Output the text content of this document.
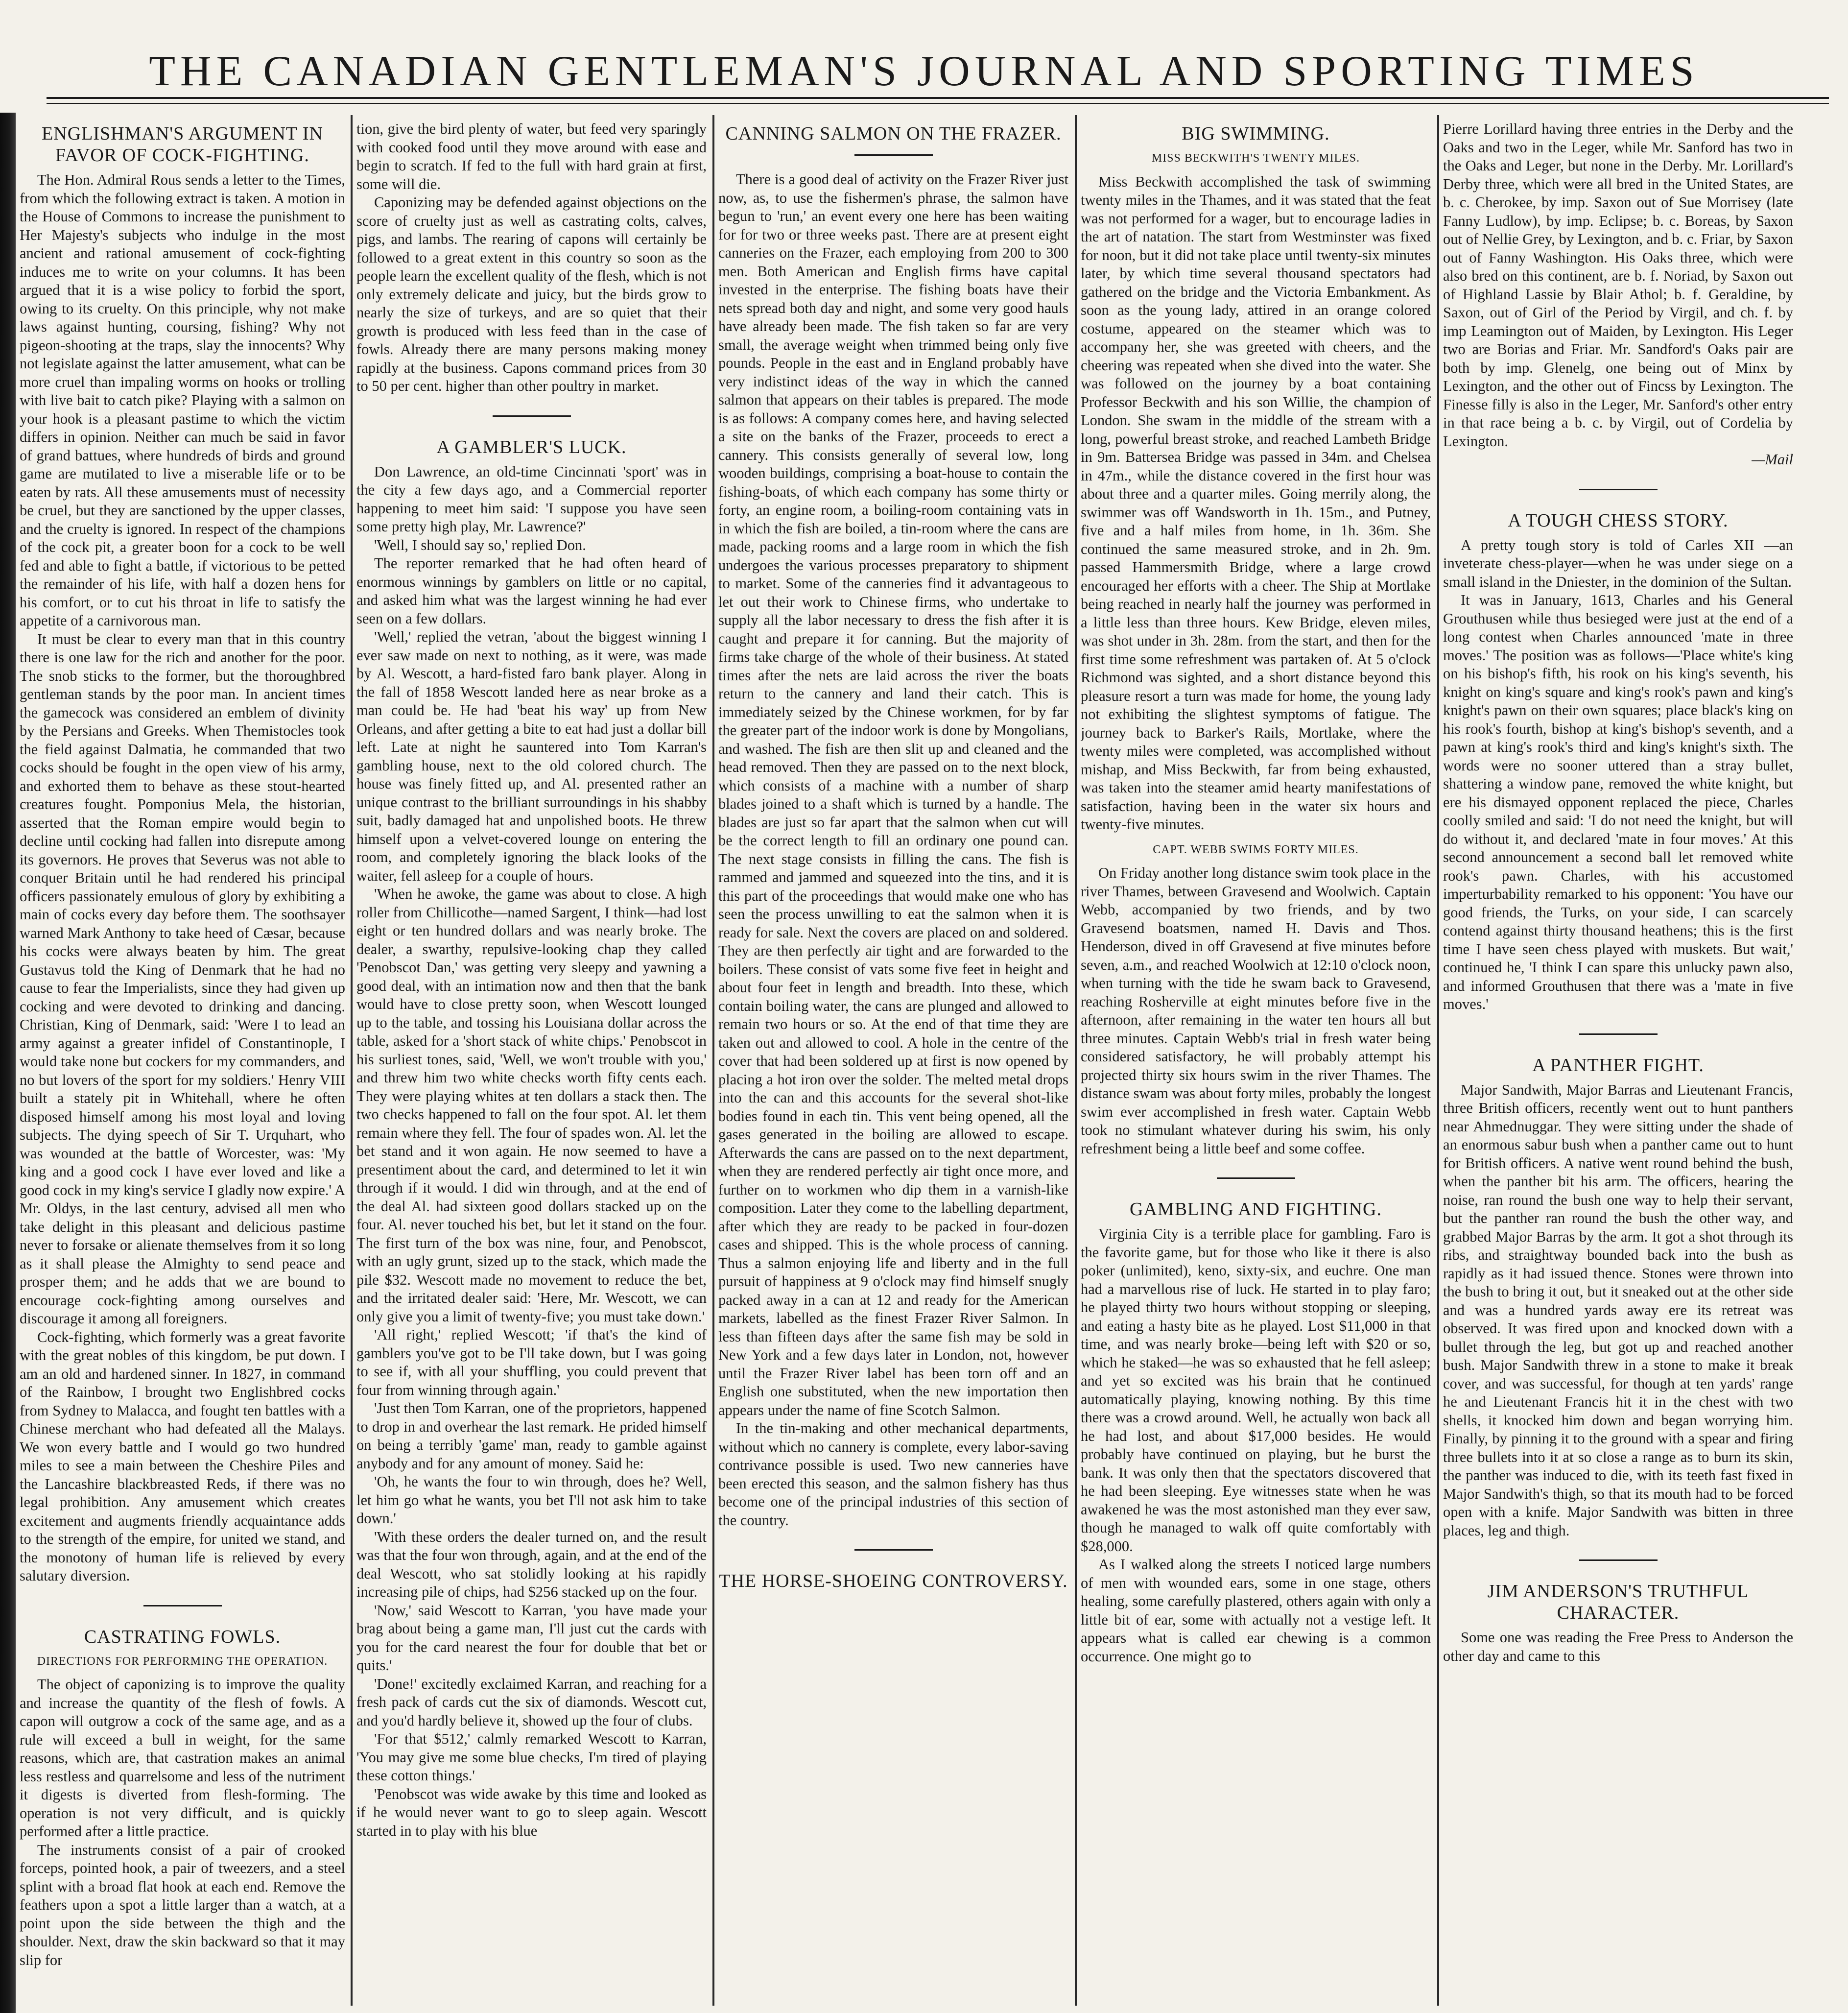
THE CANADIAN GENTLEMAN'S JOURNAL AND SPORTING TIMES
ENGLISHMAN'S ARGUMENT IN FAVOR OF COCK-FIGHTING.

The Hon. Admiral Rous sends a letter to the Times, from which the following extract is taken. A motion in the House of Commons to increase the punishment to Her Majesty's subjects who indulge in the most ancient and rational amusement of cock-fighting induces me to write on your columns. It has been argued that it is a wise policy to forbid the sport, owing to its cruelty. On this principle, why not make laws against hunting, coursing, fishing? Why not pigeon-shooting at the traps, slay the innocents? Why not legislate against the latter amusement, what can be more cruel than impaling worms on hooks or trolling with live bait to catch pike? Playing with a salmon on your hook is a pleasant pastime to which the victim differs in opinion. Neither can much be said in favor of grand battues, where hundreds of birds and ground game are mutilated to live a miserable life or to be eaten by rats. All these amusements must of necessity be cruel, but they are sanctioned by the upper classes, and the cruelty is ignored. In respect of the champions of the cock pit, a greater boon for a cock to be well fed and able to fight a battle, if victorious to be petted the remainder of his life, with half a dozen hens for his comfort, or to cut his throat in life to satisfy the appetite of a carnivorous man.

It must be clear to every man that in this country there is one law for the rich and another for the poor. The snob sticks to the former, but the thoroughbred gentleman stands by the poor man. In ancient times the gamecock was considered an emblem of divinity by the Persians and Greeks. When Themistocles took the field against Dalmatia, he commanded that two cocks should be fought in the open view of his army, and exhorted them to behave as these stout-hearted creatures fought. Pomponius Mela, the historian, asserted that the Roman empire would begin to decline until cocking had fallen into disrepute among its governors. He proves that Severus was not able to conquer Britain until he had rendered his principal officers passionately emulous of glory by exhibiting a main of cocks every day before them. The soothsayer warned Mark Anthony to take heed of Cæsar, because his cocks were always beaten by him. The great Gustavus told the King of Denmark that he had no cause to fear the Imperialists, since they had given up cocking and were devoted to drinking and dancing. Christian, King of Denmark, said: 'Were I to lead an army against a greater infidel of Constantinople, I would take none but cockers for my commanders, and no but lovers of the sport for my soldiers.' Henry VIII built a stately pit in Whitehall, where he often disposed himself among his most loyal and loving subjects. The dying speech of Sir T. Urquhart, who was wounded at the battle of Worcester, was: 'My king and a good cock I have ever loved and like a good cock in my king's service I gladly now expire.' A Mr. Oldys, in the last century, advised all men who take delight in this pleasant and delicious pastime never to forsake or alienate themselves from it so long as it shall please the Almighty to send peace and prosper them; and he adds that we are bound to encourage cock-fighting among ourselves and discourage it among all foreigners.

Cock-fighting, which formerly was a great favorite with the great nobles of this kingdom, be put down. I am an old and hardened sinner. In 1827, in command of the Rainbow, I brought two Englishbred cocks from Sydney to Malacca, and fought ten battles with a Chinese merchant who had defeated all the Malays. We won every battle and I would go two hundred miles to see a main between the Cheshire Piles and the Lancashire blackbreasted Reds, if there was no legal prohibition. Any amusement which creates excitement and augments friendly acquaintance adds to the strength of the empire, for united we stand, and the monotony of human life is relieved by every salutary diversion.

CASTRATING FOWLS.
DIRECTIONS FOR PERFORMING THE OPERATION.

The object of caponizing is to improve the quality and increase the quantity of the flesh of fowls. A capon will outgrow a cock of the same age, and as a rule will exceed a bull in weight, for the same reasons, which are, that castration makes an animal less restless and quarrelsome and less of the nutriment it digests is diverted from flesh-forming. The operation is not very difficult, and is quickly performed after a little practice.

The instruments consist of a pair of crooked forceps, pointed hook, a pair of tweezers, and a steel splint with a broad flat hook at each end. Remove the feathers upon a spot a little larger than a watch, at a point upon the side between the thigh and the shoulder. Next, draw the skin backward so that it may slip for

tion, give the bird plenty of water, but feed very sparingly with cooked food until they move around with ease and begin to scratch. If fed to the full with hard grain at first, some will die.

Caponizing may be defended against objections on the score of cruelty just as well as castrating colts, calves, pigs, and lambs. The rearing of capons will certainly be followed to a great extent in this country so soon as the people learn the excellent quality of the flesh, which is not only extremely delicate and juicy, but the birds grow to nearly the size of turkeys, and are so quiet that their growth is produced with less feed than in the case of fowls. Already there are many persons making money rapidly at the business. Capons command prices from 30 to 50 per cent. higher than other poultry in market.

A GAMBLER'S LUCK.

Don Lawrence, an old-time Cincinnati 'sport' was in the city a few days ago, and a Commercial reporter happening to meet him said: 'I suppose you have seen some pretty high play, Mr. Lawrence?'

'Well, I should say so,' replied Don.

The reporter remarked that he had often heard of enormous winnings by gamblers on little or no capital, and asked him what was the largest winning he had ever seen on a few dollars.

'Well,' replied the vetran, 'about the biggest winning I ever saw made on next to nothing, as it were, was made by Al. Wescott, a hard-fisted faro bank player. Along in the fall of 1858 Wescott landed here as near broke as a man could be. He had 'beat his way' up from New Orleans, and after getting a bite to eat had just a dollar bill left. Late at night he sauntered into Tom Karran's gambling house, next to the old colored church. The house was finely fitted up, and Al. presented rather an unique contrast to the brilliant surroundings in his shabby suit, badly damaged hat and unpolished boots. He threw himself upon a velvet-covered lounge on entering the room, and completely ignoring the black looks of the waiter, fell asleep for a couple of hours.

'When he awoke, the game was about to close. A high roller from Chillicothe—named Sargent, I think—had lost eight or ten hundred dollars and was nearly broke. The dealer, a swarthy, repulsive-looking chap they called 'Penobscot Dan,' was getting very sleepy and yawning a good deal, with an intimation now and then that the bank would have to close pretty soon, when Wescott lounged up to the table, and tossing his Louisiana dollar across the table, asked for a 'short stack of white chips.' Penobscot in his surliest tones, said, 'Well, we won't trouble with you,' and threw him two white checks worth fifty cents each. They were playing whites at ten dollars a stack then. The two checks happened to fall on the four spot. Al. let them remain where they fell. The four of spades won. Al. let the bet stand and it won again. He now seemed to have a presentiment about the card, and determined to let it win through if it would. I did win through, and at the end of the deal Al. had sixteen good dollars stacked up on the four. Al. never touched his bet, but let it stand on the four. The first turn of the box was nine, four, and Penobscot, with an ugly grunt, sized up to the stack, which made the pile $32. Wescott made no movement to reduce the bet, and the irritated dealer said: 'Here, Mr. Wescott, we can only give you a limit of twenty-five; you must take down.'

'All right,' replied Wescott; 'if that's the kind of gamblers you've got to be I'll take down, but I was going to see if, with all your shuffling, you could prevent that four from winning through again.'

'Just then Tom Karran, one of the proprietors, happened to drop in and overhear the last remark. He prided himself on being a terribly 'game' man, ready to gamble against anybody and for any amount of money. Said he:

'Oh, he wants the four to win through, does he? Well, let him go what he wants, you bet I'll not ask him to take down.'

'With these orders the dealer turned on, and the result was that the four won through, again, and at the end of the deal Wescott, who sat stolidly looking at his rapidly increasing pile of chips, had $256 stacked up on the four.

'Now,' said Wescott to Karran, 'you have made your brag about being a game man, I'll just cut the cards with you for the card nearest the four for double that bet or quits.'

'Done!' excitedly exclaimed Karran, and reaching for a fresh pack of cards cut the six of diamonds. Wescott cut, and you'd hardly believe it, showed up the four of clubs.

'For that $512,' calmly remarked Wescott to Karran, 'You may give me some blue checks, I'm tired of playing these cotton things.'

'Penobscot was wide awake by this time and looked as if he would never want to go to sleep again. Wescott started in to play with his blue

CANNING SALMON ON THE FRAZER.

There is a good deal of activity on the Frazer River just now, as, to use the fishermen's phrase, the salmon have begun to 'run,' an event every one here has been waiting for for two or three weeks past. There are at present eight canneries on the Frazer, each employing from 200 to 300 men. Both American and English firms have capital invested in the enterprise. The fishing boats have their nets spread both day and night, and some very good hauls have already been made. The fish taken so far are very small, the average weight when trimmed being only five pounds. People in the east and in England probably have very indistinct ideas of the way in which the canned salmon that appears on their tables is prepared. The mode is as follows: A company comes here, and having selected a site on the banks of the Frazer, proceeds to erect a cannery. This consists generally of several low, long wooden buildings, comprising a boat-house to contain the fishing-boats, of which each company has some thirty or forty, an engine room, a boiling-room containing vats in in which the fish are boiled, a tin-room where the cans are made, packing rooms and a large room in which the fish undergoes the various processes preparatory to shipment to market. Some of the canneries find it advantageous to let out their work to Chinese firms, who undertake to supply all the labor necessary to dress the fish after it is caught and prepare it for canning. But the majority of firms take charge of the whole of their business. At stated times after the nets are laid across the river the boats return to the cannery and land their catch. This is immediately seized by the Chinese workmen, for by far the greater part of the indoor work is done by Mongolians, and washed. The fish are then slit up and cleaned and the head removed. Then they are passed on to the next block, which consists of a machine with a number of sharp blades joined to a shaft which is turned by a handle. The blades are just so far apart that the salmon when cut will be the correct length to fill an ordinary one pound can. The next stage consists in filling the cans. The fish is rammed and jammed and squeezed into the tins, and it is this part of the proceedings that would make one who has seen the process unwilling to eat the salmon when it is ready for sale. Next the covers are placed on and soldered. They are then perfectly air tight and are forwarded to the boilers. These consist of vats some five feet in height and about four feet in length and breadth. Into these, which contain boiling water, the cans are plunged and allowed to remain two hours or so. At the end of that time they are taken out and allowed to cool. A hole in the centre of the cover that had been soldered up at first is now opened by placing a hot iron over the solder. The melted metal drops into the can and this accounts for the several shot-like bodies found in each tin. This vent being opened, all the gases generated in the boiling are allowed to escape. Afterwards the cans are passed on to the next department, when they are rendered perfectly air tight once more, and further on to workmen who dip them in a varnish-like composition. Later they come to the labelling department, after which they are ready to be packed in four-dozen cases and shipped. This is the whole process of canning. Thus a salmon enjoying life and liberty and in the full pursuit of happiness at 9 o'clock may find himself snugly packed away in a can at 12 and ready for the American markets, labelled as the finest Frazer River Salmon. In less than fifteen days after the same fish may be sold in New York and a few days later in London, not, however until the Frazer River label has been torn off and an English one substituted, when the new importation then appears under the name of fine Scotch Salmon.

In the tin-making and other mechanical departments, without which no cannery is complete, every labor-saving contrivance possible is used. Two new canneries have been erected this season, and the salmon fishery has thus become one of the principal industries of this section of the country.

THE HORSE-SHOEING CONTROVERSY.
BIG SWIMMING.
MISS BECKWITH'S TWENTY MILES.

Miss Beckwith accomplished the task of swimming twenty miles in the Thames, and it was stated that the feat was not performed for a wager, but to encourage ladies in the art of natation. The start from Westminster was fixed for noon, but it did not take place until twenty-six minutes later, by which time several thousand spectators had gathered on the bridge and the Victoria Embankment. As soon as the young lady, attired in an orange colored costume, appeared on the steamer which was to accompany her, she was greeted with cheers, and the cheering was repeated when she dived into the water. She was followed on the journey by a boat containing Professor Beckwith and his son Willie, the champion of London. She swam in the middle of the stream with a long, powerful breast stroke, and reached Lambeth Bridge in 9m. Battersea Bridge was passed in 34m. and Chelsea in 47m., while the distance covered in the first hour was about three and a quarter miles. Going merrily along, the swimmer was off Wandsworth in 1h. 15m., and Putney, five and a half miles from home, in 1h. 36m. She continued the same measured stroke, and in 2h. 9m. passed Hammersmith Bridge, where a large crowd encouraged her efforts with a cheer. The Ship at Mortlake being reached in nearly half the journey was performed in a little less than three hours. Kew Bridge, eleven miles, was shot under in 3h. 28m. from the start, and then for the first time some refreshment was partaken of. At 5 o'clock Richmond was sighted, and a short distance beyond this pleasure resort a turn was made for home, the young lady not exhibiting the slightest symptoms of fatigue. The journey back to Barker's Rails, Mortlake, where the twenty miles were completed, was accomplished without mishap, and Miss Beckwith, far from being exhausted, was taken into the steamer amid hearty manifestations of satisfaction, having been in the water six hours and twenty-five minutes.

CAPT. WEBB SWIMS FORTY MILES.

On Friday another long distance swim took place in the river Thames, between Gravesend and Woolwich. Captain Webb, accompanied by two friends, and by two Gravesend boatsmen, named H. Davis and Thos. Henderson, dived in off Gravesend at five minutes before seven, a.m., and reached Woolwich at 12:10 o'clock noon, when turning with the tide he swam back to Gravesend, reaching Rosherville at eight minutes before five in the afternoon, after remaining in the water ten hours all but three minutes. Captain Webb's trial in fresh water being considered satisfactory, he will probably attempt his projected thirty six hours swim in the river Thames. The distance swam was about forty miles, probably the longest swim ever accomplished in fresh water. Captain Webb took no stimulant whatever during his swim, his only refreshment being a little beef and some coffee.

GAMBLING AND FIGHTING.

Virginia City is a terrible place for gambling. Faro is the favorite game, but for those who like it there is also poker (unlimited), keno, sixty-six, and euchre. One man had a marvellous rise of luck. He started in to play faro; he played thirty two hours without stopping or sleeping, and eating a hasty bite as he played. Lost $11,000 in that time, and was nearly broke—being left with $20 or so, which he staked—he was so exhausted that he fell asleep; and yet so excited was his brain that he continued automatically playing, knowing nothing. By this time there was a crowd around. Well, he actually won back all he had lost, and about $17,000 besides. He would probably have continued on playing, but he burst the bank. It was only then that the spectators discovered that he had been sleeping. Eye witnesses state when he was awakened he was the most astonished man they ever saw, though he managed to walk off quite comfortably with $28,000.

As I walked along the streets I noticed large numbers of men with wounded ears, some in one stage, others healing, some carefully plastered, others again with only a little bit of ear, some with actually not a vestige left. It appears what is called ear chewing is a common occurrence. One might go to

Pierre Lorillard having three entries in the Derby and the Oaks and two in the Leger, while Mr. Sanford has two in the Oaks and Leger, but none in the Derby. Mr. Lorillard's Derby three, which were all bred in the United States, are b. c. Cherokee, by imp. Saxon out of Sue Morrisey (late Fanny Ludlow), by imp. Eclipse; b. c. Boreas, by Saxon out of Nellie Grey, by Lexington, and b. c. Friar, by Saxon out of Fanny Washington. His Oaks three, which were also bred on this continent, are b. f. Noriad, by Saxon out of Highland Lassie by Blair Athol; b. f. Geraldine, by Saxon, out of Girl of the Period by Virgil, and ch. f. by imp Leamington out of Maiden, by Lexington. His Leger two are Borias and Friar. Mr. Sandford's Oaks pair are both by imp. Glenelg, one being out of Minx by Lexington, and the other out of Fincss by Lexington. The Finesse filly is also in the Leger, Mr. Sanford's other entry in that race being a b. c. by Virgil, out of Cordelia by Lexington.

—Mail
A TOUGH CHESS STORY.

A pretty tough story is told of Carles XII —an inveterate chess-player—when he was under siege on a small island in the Dniester, in the dominion of the Sultan.

It was in January, 1613, Charles and his General Grouthusen while thus besieged were just at the end of a long contest when Charles announced 'mate in three moves.' The position was as follows—'Place white's king on his bishop's fifth, his rook on his king's seventh, his knight on king's square and king's rook's pawn and king's knight's pawn on their own squares; place black's king on his rook's fourth, bishop at king's bishop's seventh, and a pawn at king's rook's third and king's knight's sixth. The words were no sooner uttered than a stray bullet, shattering a window pane, removed the white knight, but ere his dismayed opponent replaced the piece, Charles coolly smiled and said: 'I do not need the knight, but will do without it, and declared 'mate in four moves.' At this second announcement a second ball let removed white rook's pawn. Charles, with his accustomed imperturbability remarked to his opponent: 'You have our good friends, the Turks, on your side, I can scarcely contend against thirty thousand heathens; this is the first time I have seen chess played with muskets. But wait,' continued he, 'I think I can spare this unlucky pawn also, and informed Grouthusen that there was a 'mate in five moves.'

A PANTHER FIGHT.

Major Sandwith, Major Barras and Lieutenant Francis, three British officers, recently went out to hunt panthers near Ahmednuggar. They were sitting under the shade of an enormous sabur bush when a panther came out to hunt for British officers. A native went round behind the bush, when the panther bit his arm. The officers, hearing the noise, ran round the bush one way to help their servant, but the panther ran round the bush the other way, and grabbed Major Barras by the arm. It got a shot through its ribs, and straightway bounded back into the bush as rapidly as it had issued thence. Stones were thrown into the bush to bring it out, but it sneaked out at the other side and was a hundred yards away ere its retreat was observed. It was fired upon and knocked down with a bullet through the leg, but got up and reached another bush. Major Sandwith threw in a stone to make it break cover, and was successful, for though at ten yards' range he and Lieutenant Francis hit it in the chest with two shells, it knocked him down and began worrying him. Finally, by pinning it to the ground with a spear and firing three bullets into it at so close a range as to burn its skin, the panther was induced to die, with its teeth fast fixed in Major Sandwith's thigh, so that its mouth had to be forced open with a knife. Major Sandwith was bitten in three places, leg and thigh.

JIM ANDERSON'S TRUTHFUL CHARACTER.

Some one was reading the Free Press to Anderson the other day and came to this
